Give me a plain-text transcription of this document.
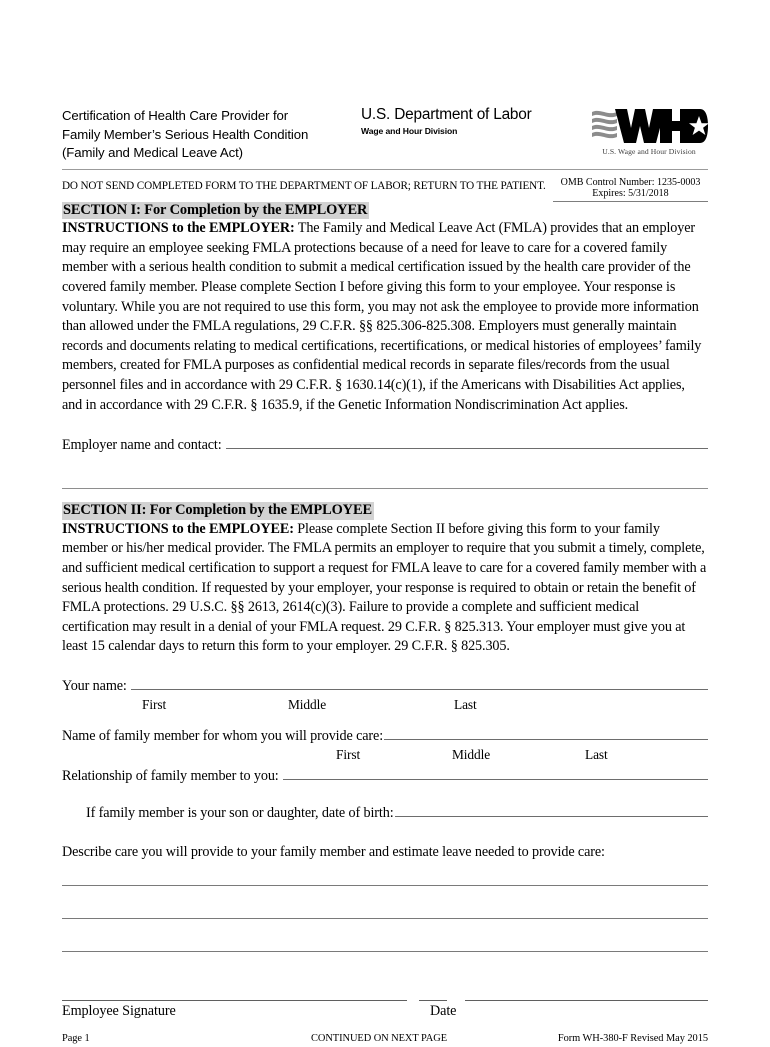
Certification of Health Care Provider for
Family Member’s Serious Health Condition
(Family and Medical Leave Act)
U.S. Department of Labor
Wage and Hour Division
U.S. Wage and Hour Division
DO NOT SEND COMPLETED FORM TO THE DEPARTMENT OF LABOR; RETURN TO THE PATIENT.	OMB Control Number: 1235-0003
Expires: 5/31/2018
SECTION I: For Completion by the EMPLOYER
INSTRUCTIONS to the EMPLOYER: The Family and Medical Leave Act (FMLA) provides that an employer may require an employee seeking FMLA protections because of a need for leave to care for a covered family member with a serious health condition to submit a medical certification issued by the health care provider of the covered family member. Please complete Section I before giving this form to your employee. Your response is voluntary. While you are not required to use this form, you may not ask the employee to provide more information than allowed under the FMLA regulations, 29 C.F.R. §§ 825.306-825.308. Employers must generally maintain records and documents relating to medical certifications, recertifications, or medical histories of employees’ family members, created for FMLA purposes as confidential medical records in separate files/records from the usual personnel files and in accordance with 29 C.F.R. § 1630.14(c)(1), if the Americans with Disabilities Act applies, and in accordance with 29 C.F.R. § 1635.9, if the Genetic Information Nondiscrimination Act applies.
Employer name and contact:
SECTION II: For Completion by the EMPLOYEE
INSTRUCTIONS to the EMPLOYEE: Please complete Section II before giving this form to your family member or his/her medical provider. The FMLA permits an employer to require that you submit a timely, complete, and sufficient medical certification to support a request for FMLA leave to care for a covered family member with a serious health condition. If requested by your employer, your response is required to obtain or retain the benefit of FMLA protections. 29 U.S.C. §§ 2613, 2614(c)(3). Failure to provide a complete and sufficient medical certification may result in a denial of your FMLA request. 29 C.F.R. § 825.313. Your employer must give you at least 15 calendar days to return this form to your employer. 29 C.F.R. § 825.305.
Your name:
First	Middle	Last
Name of family member for whom you will provide care:
First	Middle	Last
Relationship of family member to you:
If family member is your son or daughter, date of birth:
Describe care you will provide to your family member and estimate leave needed to provide care:
Employee Signature	Date
Page 1	CONTINUED ON NEXT PAGE	Form WH-380-F Revised May 2015
